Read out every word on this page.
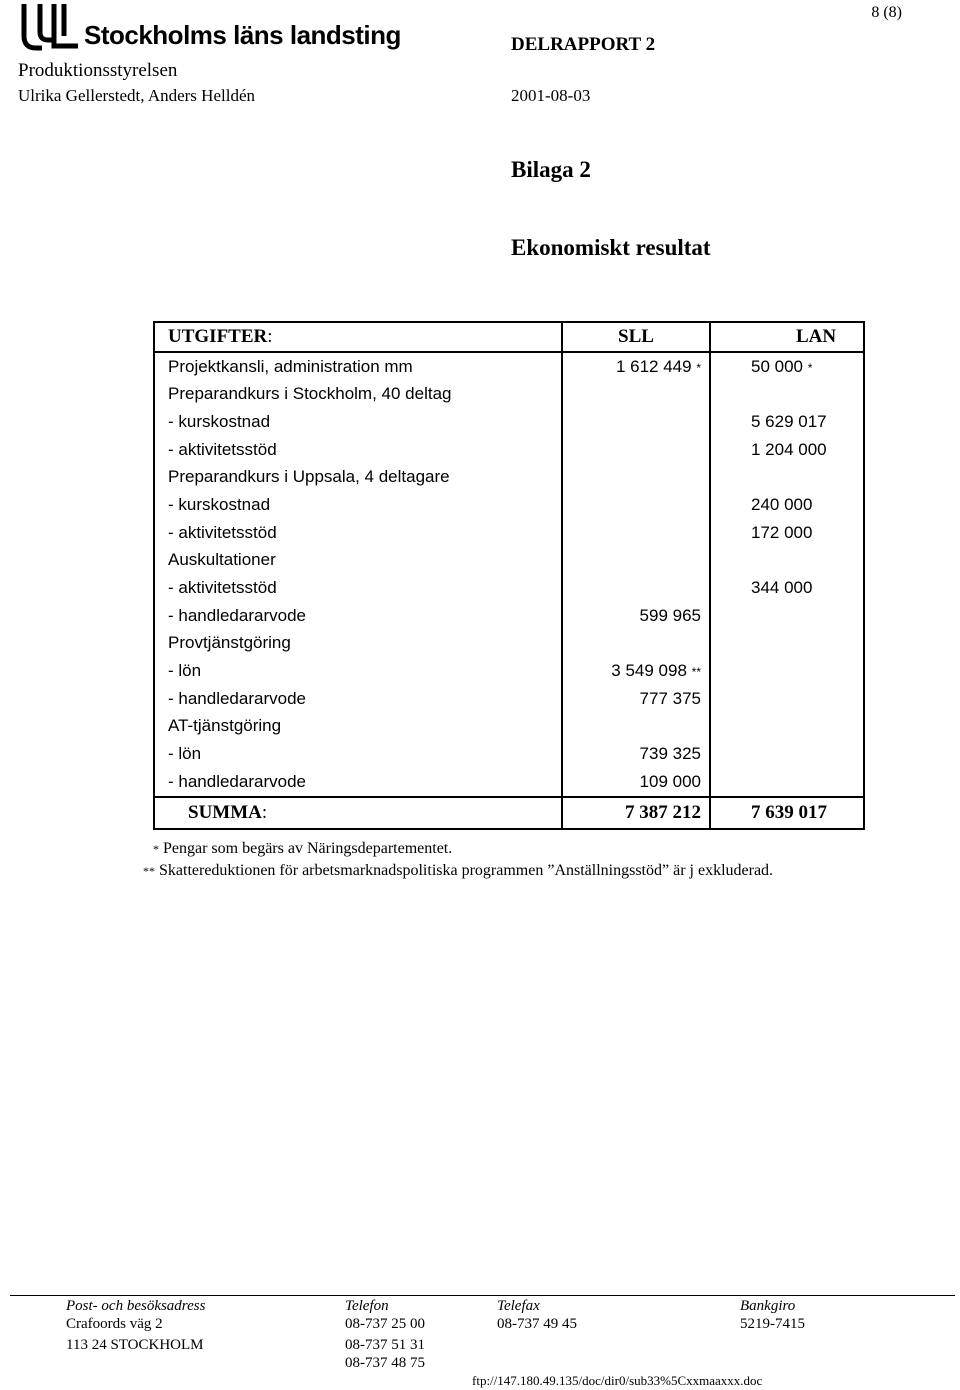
Stockholms läns landsting
8 (8)
Produktionsstyrelsen
Ulrika Gellerstedt, Anders Helldén
DELRAPPORT 2
2001-08-03
Bilaga 2
Ekonomiskt resultat
UTGIFTER:	SLL	LAN
Projektkansli, administration mm	1 612 449 *	50 000 *
Preparandkurs i Stockholm, 40 deltag		
- kurskostnad		5 629 017
- aktivitetsstöd		1 204 000
Preparandkurs i Uppsala, 4 deltagare		
- kurskostnad		240 000
- aktivitetsstöd		172 000
Auskultationer		
- aktivitetsstöd		344 000
- handledararvode	599 965	
Provtjänstgöring		
- lön	3 549 098 **	
- handledararvode	777 375	
AT-tjänstgöring		
- lön	739 325	
- handledararvode	109 000	
SUMMA:	7 387 212	7 639 017
* Pengar som begärs av Näringsdepartementet.
** Skattereduktionen för arbetsmarknadspolitiska programmen ”Anställningsstöd” är j exkluderad.
Post- och besöksadress	Telefon	Telefax	Bankgiro
Crafoords väg 2	08-737 25 00	08-737 49 45	5219-7415
113 24 STOCKHOLM	08-737 51 31
08-737 48 75
ftp://147.180.49.135/doc/dir0/sub33%5Cxxmaaxxx.doc
